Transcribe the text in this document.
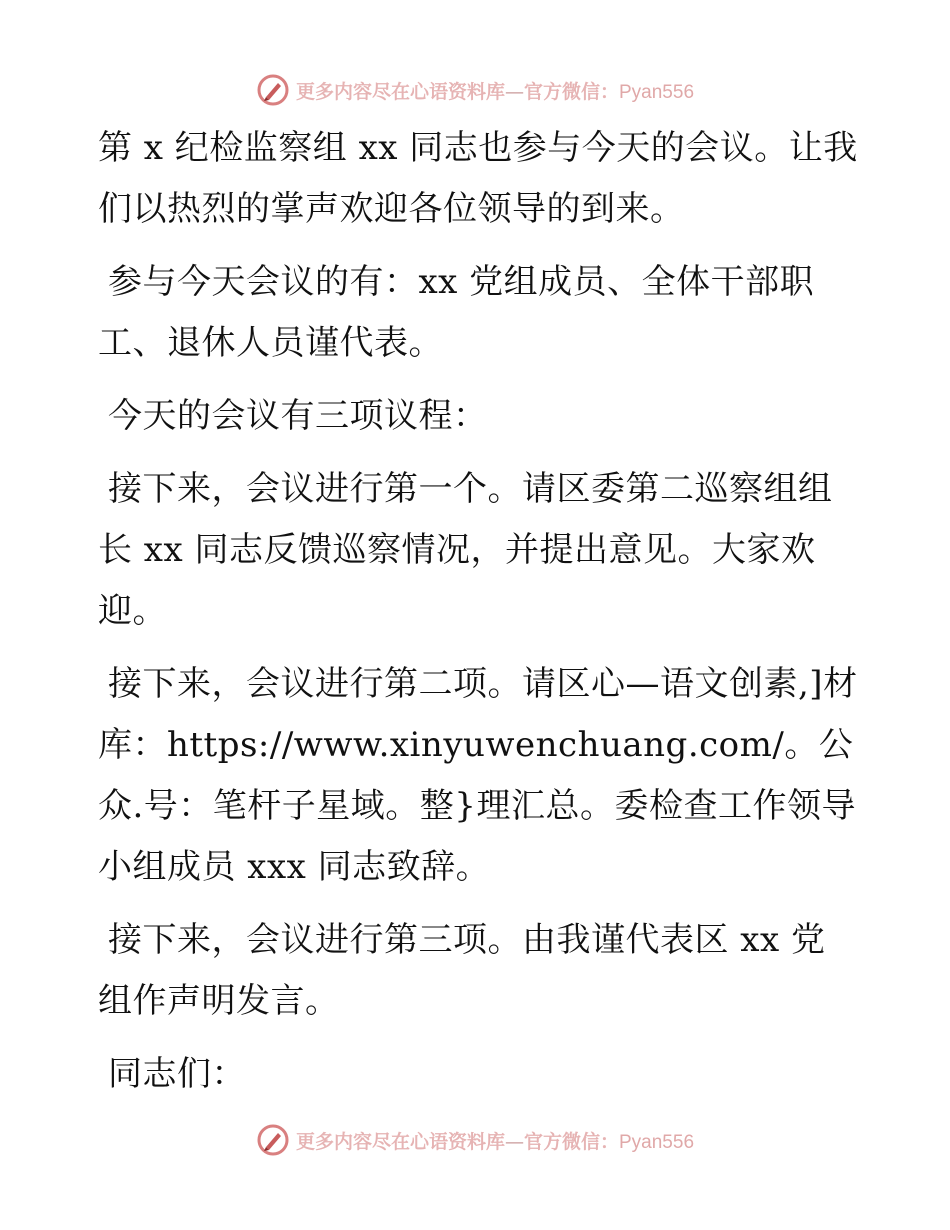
更多内容尽在心语资料库—官方微信：Pyan556

第 x 纪检监察组 xx 同志也参与今天的会议。让我们以热烈的掌声欢迎各位领导的到来。

参与今天会议的有：xx 党组成员、全体干部职工、退休人员谨代表。

今天的会议有三项议程：

接下来，会议进行第一个。请区委第二巡察组组长 xx 同志反馈巡察情况，并提出意见。大家欢迎。

接下来，会议进行第二项。请区心—语文创素,]材库：https://www.xinyuwenchuang.com/。公众.号：笔杆子星域。整}理汇总。委检查工作领导小组成员 xxx 同志致辞。

接下来，会议进行第三项。由我谨代表区 xx 党组作声明发言。

同志们：

更多内容尽在心语资料库—官方微信：Pyan556
